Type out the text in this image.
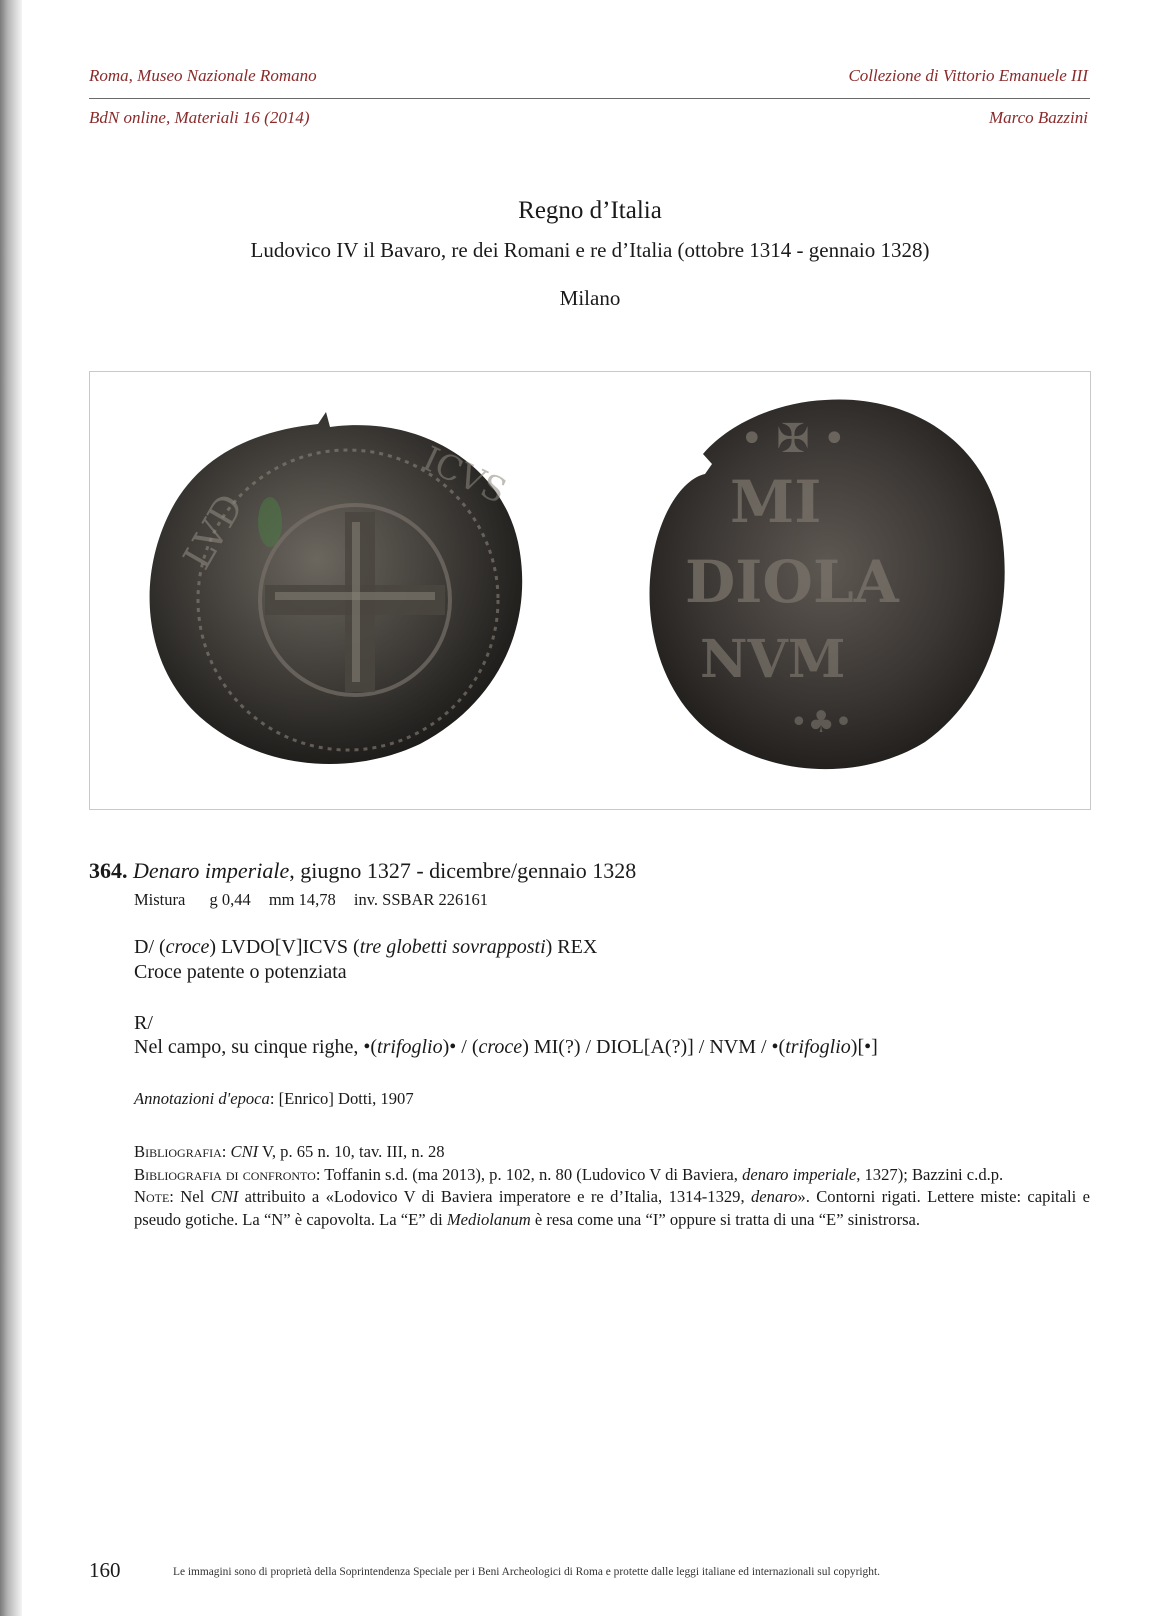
Roma, Museo Nazionale Romano	Collezione di Vittorio Emanuele III
BdN online, Materiali 16 (2014)	Marco Bazzini
Regno d’Italia
Ludovico IV il Bavaro, re dei Romani e re d’Italia (ottobre 1314 - gennaio 1328)
Milano
LVD
ICVS	• ✠ •
MI
DIOLA
NVM
•♣•
364. Denaro imperiale, giugno 1327 - dicembre/gennaio 1328
Mistura g 0,44 mm 14,78 inv. SSBAR 226161
D/ (croce) LVDO[V]ICVS (tre globetti sovrapposti) REX
Croce patente o potenziata
R/
Nel campo, su cinque righe, •(trifoglio)• / (croce) MI(?) / DIOL[A(?)] / NVM / •(trifoglio)[•]
Annotazioni d'epoca: [Enrico] Dotti, 1907

Bibliografia: CNI V, p. 65 n. 10, tav. III, n. 28

Bibliografia di confronto: Toffanin s.d. (ma 2013), p. 102, n. 80 (Ludovico V di Baviera, denaro imperiale, 1327); Bazzini c.d.p.

Note: Nel CNI attribuito a «Lodovico V di Baviera imperatore e re d’Italia, 1314-1329, denaro». Contorni rigati. Lettere miste: capitali e pseudo gotiche. La “N” è capovolta. La “E” di Mediolanum è resa come una “I” oppure si tratta di una “E” sinistrorsa.

160	Le immagini sono di proprietà della Soprintendenza Speciale per i Beni Archeologici di Roma e protette dalle leggi italiane ed internazionali sul copyright.
